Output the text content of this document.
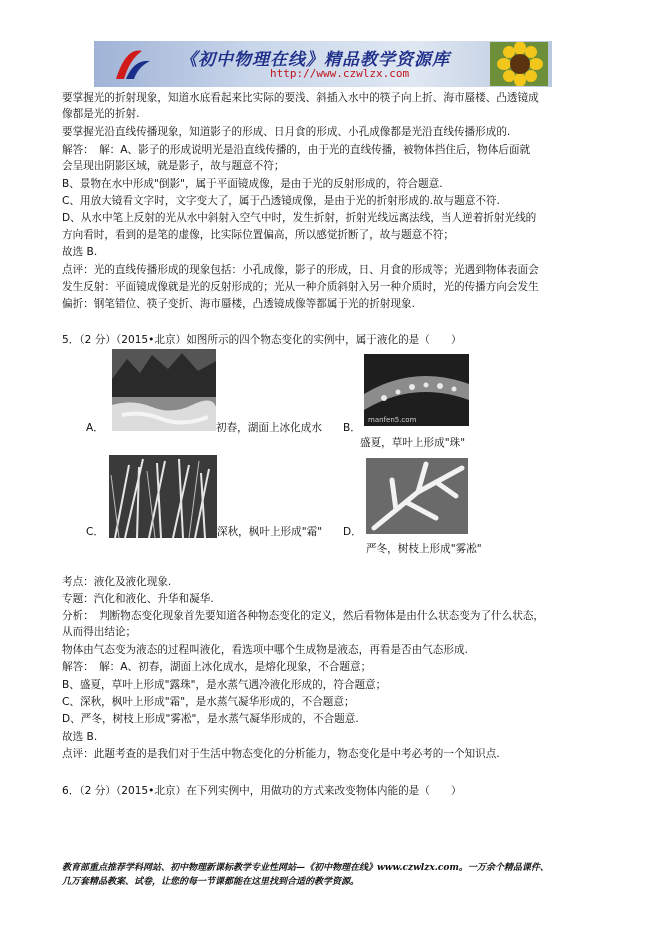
《初中物理在线》精品教学资源库
http://www.czwlzx.com
要掌握光的折射现象，知道水底看起来比实际的要浅、斜插入水中的筷子向上折、海市蜃楼、凸透镜成
像都是光的折射.
要掌握光沿直线传播现象，知道影子的形成、日月食的形成、小孔成像都是光沿直线传播形成的.
解答：　解：A、影子的形成说明光是沿直线传播的，由于光的直线传播，被物体挡住后，物体后面就
会呈现出阴影区域，就是影子，故与题意不符；
B、景物在水中形成"倒影"，属于平面镜成像，是由于光的反射形成的，符合题意.
C、用放大镜看文字时，文字变大了，属于凸透镜成像，是由于光的折射形成的.故与题意不符.
D、从水中笔上反射的光从水中斜射入空气中时，发生折射，折射光线远离法线，当人逆着折射光线的
方向看时，看到的是笔的虚像，比实际位置偏高，所以感觉折断了，故与题意不符；
故选 B.
点评：光的直线传播形成的现象包括：小孔成像，影子的形成，日、月食的形成等；光遇到物体表面会
发生反射：平面镜成像就是光的反射形成的；光从一种介质斜射入另一种介质时，光的传播方向会发生
偏折：钢笔错位、筷子变折、海市蜃楼，凸透镜成像等都属于光的折射现象.
5．（2 分）（2015•北京）如图所示的四个物态变化的实例中，属于液化的是（　　）
A．	初春，湖面上冰化成水 B．
manfen5.com
盛夏，草叶上形成"珠"
C．	深秋，枫叶上形成"霜" D．
严冬，树枝上形成"雾凇"
考点：液化及液化现象.
专题：汽化和液化、升华和凝华.
分析：　判断物态变化现象首先要知道各种物态变化的定义，然后看物体是由什么状态变为了什么状态，
从而得出结论；
物体由气态变为液态的过程叫液化，看选项中哪个生成物是液态，再看是否由气态形成.
解答：　解：A、初春，湖面上冰化成水，是熔化现象，不合题意；
B、盛夏，草叶上形成"露珠"，是水蒸气遇冷液化形成的，符合题意；
C、深秋，枫叶上形成"霜"，是水蒸气凝华形成的，不合题意；
D、严冬，树枝上形成"雾凇"，是水蒸气凝华形成的，不合题意.
故选 B.
点评：此题考查的是我们对于生活中物态变化的分析能力，物态变化是中考必考的一个知识点.
6．（2 分）（2015•北京）在下列实例中，用做功的方式来改变物体内能的是（　　）
教育部重点推荐学科网站、初中物理新课标教学专业性网站—《初中物理在线》www.czwlzx.com。一万余个精品课件、
几万套精品教案、试卷，让您的每一节课都能在这里找到合适的教学资源。
